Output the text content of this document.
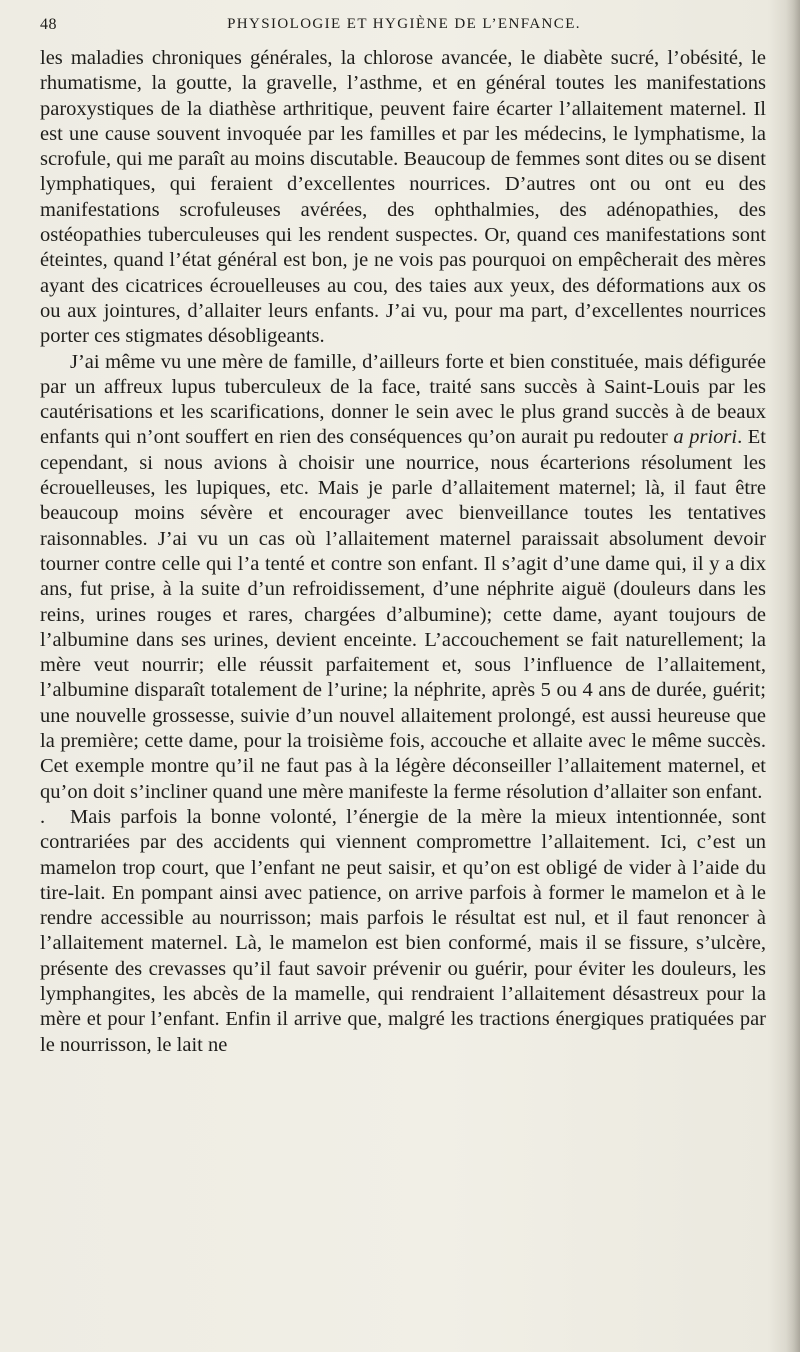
48	PHYSIOLOGIE ET HYGIÈNE DE L’ENFANCE.

les maladies chroniques générales, la chlorose avancée, le diabète sucré, l’obésité, le rhumatisme, la goutte, la gravelle, l’asthme, et en général toutes les manifestations paroxystiques de la diathèse arthritique, peuvent faire écarter l’allaitement maternel. Il est une cause souvent invoquée par les familles et par les médecins, le lymphatisme, la scrofule, qui me paraît au moins discutable. Beaucoup de femmes sont dites ou se disent lymphatiques, qui feraient d’excellentes nourrices. D’autres ont ou ont eu des manifestations scrofuleuses avérées, des ophthalmies, des adénopathies, des ostéopathies tuberculeuses qui les rendent suspectes. Or, quand ces manifestations sont éteintes, quand l’état général est bon, je ne vois pas pourquoi on empêcherait des mères ayant des cicatrices écrouelleuses au cou, des taies aux yeux, des déformations aux os ou aux jointures, d’allaiter leurs enfants. J’ai vu, pour ma part, d’excellentes nourrices porter ces stigmates désobligeants.

J’ai même vu une mère de famille, d’ailleurs forte et bien constituée, mais défigurée par un affreux lupus tuberculeux de la face, traité sans succès à Saint-Louis par les cautérisations et les scarifications, donner le sein avec le plus grand succès à de beaux enfants qui n’ont souffert en rien des conséquences qu’on aurait pu redouter a priori. Et cependant, si nous avions à choisir une nourrice, nous écarterions résolument les écrouelleuses, les lupiques, etc. Mais je parle d’allaitement maternel; là, il faut être beaucoup moins sévère et encourager avec bienveillance toutes les tentatives raisonnables. J’ai vu un cas où l’allaitement maternel paraissait absolument devoir tourner contre celle qui l’a tenté et contre son enfant. Il s’agit d’une dame qui, il y a dix ans, fut prise, à la suite d’un refroidissement, d’une néphrite aiguë (douleurs dans les reins, urines rouges et rares, chargées d’albumine); cette dame, ayant toujours de l’albumine dans ses urines, devient enceinte. L’accouchement se fait naturellement; la mère veut nourrir; elle réussit parfaitement et, sous l’influence de l’allaitement, l’albumine disparaît totalement de l’urine; la néphrite, après 5 ou 4 ans de durée, guérit; une nouvelle grossesse, suivie d’un nouvel allaitement prolongé, est aussi heureuse que la première; cette dame, pour la troisième fois, accouche et allaite avec le même succès. Cet exemple montre qu’il ne faut pas à la légère déconseiller l’allaitement maternel, et qu’on doit s’incliner quand une mère manifeste la ferme résolution d’allaiter son enfant.

. Mais parfois la bonne volonté, l’énergie de la mère la mieux intentionnée, sont contrariées par des accidents qui viennent compromettre l’allaitement. Ici, c’est un mamelon trop court, que l’enfant ne peut saisir, et qu’on est obligé de vider à l’aide du tire-lait. En pompant ainsi avec patience, on arrive parfois à former le mamelon et à le rendre accessible au nourrisson; mais parfois le résultat est nul, et il faut renoncer à l’allaitement maternel. Là, le mamelon est bien conformé, mais il se fissure, s’ulcère, présente des crevasses qu’il faut savoir prévenir ou guérir, pour éviter les douleurs, les lymphangites, les abcès de la mamelle, qui rendraient l’allaitement désastreux pour la mère et pour l’enfant. Enfin il arrive que, malgré les tractions énergiques pratiquées par le nourrisson, le lait ne
